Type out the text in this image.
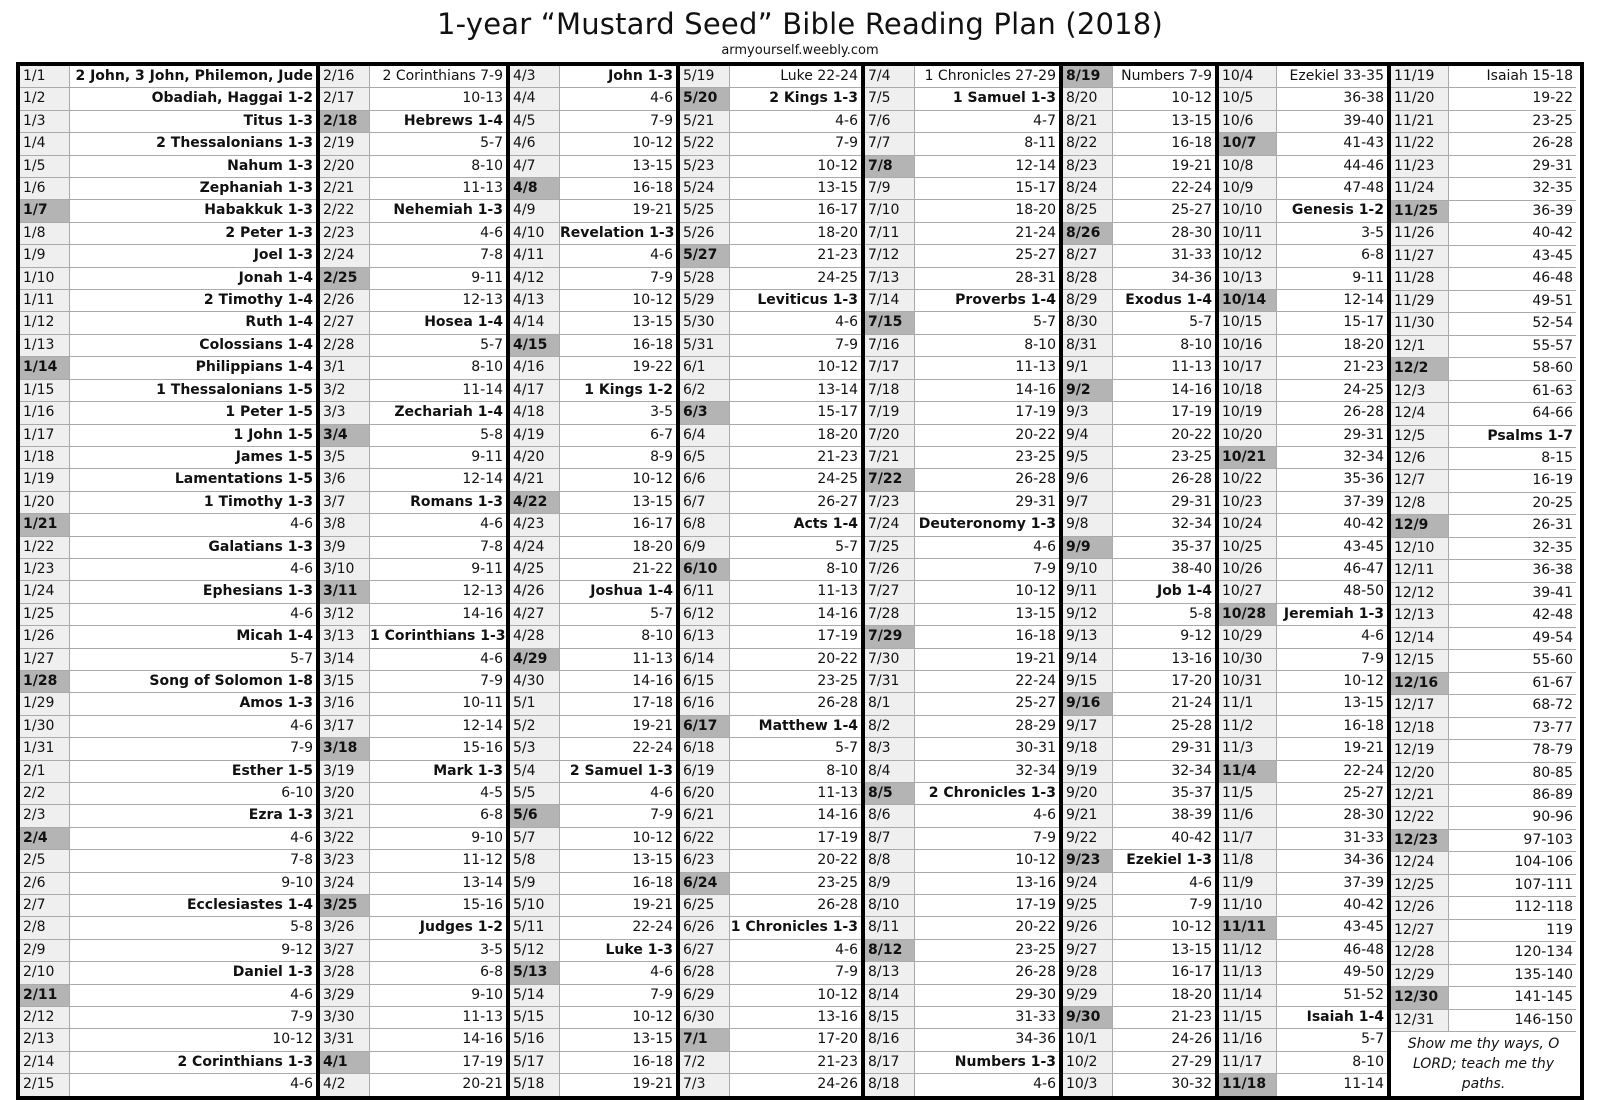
1-year “Mustard Seed” Bible Reading Plan (2018)
armyourself.weebly.com
1/1	2 John, 3 John, Philemon, Jude
1/2	Obadiah, Haggai 1-2
1/3	Titus 1-3
1/4	2 Thessalonians 1-3
1/5	Nahum 1-3
1/6	Zephaniah 1-3
1/7	Habakkuk 1-3
1/8	2 Peter 1-3
1/9	Joel 1-3
1/10	Jonah 1-4
1/11	2 Timothy 1-4
1/12	Ruth 1-4
1/13	Colossians 1-4
1/14	Philippians 1-4
1/15	1 Thessalonians 1-5
1/16	1 Peter 1-5
1/17	1 John 1-5
1/18	James 1-5
1/19	Lamentations 1-5
1/20	1 Timothy 1-3
1/21	4-6
1/22	Galatians 1-3
1/23	4-6
1/24	Ephesians 1-3
1/25	4-6
1/26	Micah 1-4
1/27	5-7
1/28	Song of Solomon 1-8
1/29	Amos 1-3
1/30	4-6
1/31	7-9
2/1	Esther 1-5
2/2	6-10
2/3	Ezra 1-3
2/4	4-6
2/5	7-8
2/6	9-10
2/7	Ecclesiastes 1-4
2/8	5-8
2/9	9-12
2/10	Daniel 1-3
2/11	4-6
2/12	7-9
2/13	10-12
2/14	2 Corinthians 1-3
2/15	4-6
2/16	2 Corinthians 7-9
2/17	10-13
2/18	Hebrews 1-4
2/19	5-7
2/20	8-10
2/21	11-13
2/22	Nehemiah 1-3
2/23	4-6
2/24	7-8
2/25	9-11
2/26	12-13
2/27	Hosea 1-4
2/28	5-7
3/1	8-10
3/2	11-14
3/3	Zechariah 1-4
3/4	5-8
3/5	9-11
3/6	12-14
3/7	Romans 1-3
3/8	4-6
3/9	7-8
3/10	9-11
3/11	12-13
3/12	14-16
3/13	1 Corinthians 1-3
3/14	4-6
3/15	7-9
3/16	10-11
3/17	12-14
3/18	15-16
3/19	Mark 1-3
3/20	4-5
3/21	6-8
3/22	9-10
3/23	11-12
3/24	13-14
3/25	15-16
3/26	Judges 1-2
3/27	3-5
3/28	6-8
3/29	9-10
3/30	11-13
3/31	14-16
4/1	17-19
4/2	20-21
4/3	John 1-3
4/4	4-6
4/5	7-9
4/6	10-12
4/7	13-15
4/8	16-18
4/9	19-21
4/10	Revelation 1-3
4/11	4-6
4/12	7-9
4/13	10-12
4/14	13-15
4/15	16-18
4/16	19-22
4/17	1 Kings 1-2
4/18	3-5
4/19	6-7
4/20	8-9
4/21	10-12
4/22	13-15
4/23	16-17
4/24	18-20
4/25	21-22
4/26	Joshua 1-4
4/27	5-7
4/28	8-10
4/29	11-13
4/30	14-16
5/1	17-18
5/2	19-21
5/3	22-24
5/4	2 Samuel 1-3
5/5	4-6
5/6	7-9
5/7	10-12
5/8	13-15
5/9	16-18
5/10	19-21
5/11	22-24
5/12	Luke 1-3
5/13	4-6
5/14	7-9
5/15	10-12
5/16	13-15
5/17	16-18
5/18	19-21
5/19	Luke 22-24
5/20	2 Kings 1-3
5/21	4-6
5/22	7-9
5/23	10-12
5/24	13-15
5/25	16-17
5/26	18-20
5/27	21-23
5/28	24-25
5/29	Leviticus 1-3
5/30	4-6
5/31	7-9
6/1	10-12
6/2	13-14
6/3	15-17
6/4	18-20
6/5	21-23
6/6	24-25
6/7	26-27
6/8	Acts 1-4
6/9	5-7
6/10	8-10
6/11	11-13
6/12	14-16
6/13	17-19
6/14	20-22
6/15	23-25
6/16	26-28
6/17	Matthew 1-4
6/18	5-7
6/19	8-10
6/20	11-13
6/21	14-16
6/22	17-19
6/23	20-22
6/24	23-25
6/25	26-28
6/26	1 Chronicles 1-3
6/27	4-6
6/28	7-9
6/29	10-12
6/30	13-16
7/1	17-20
7/2	21-23
7/3	24-26
7/4	1 Chronicles 27-29
7/5	1 Samuel 1-3
7/6	4-7
7/7	8-11
7/8	12-14
7/9	15-17
7/10	18-20
7/11	21-24
7/12	25-27
7/13	28-31
7/14	Proverbs 1-4
7/15	5-7
7/16	8-10
7/17	11-13
7/18	14-16
7/19	17-19
7/20	20-22
7/21	23-25
7/22	26-28
7/23	29-31
7/24	Deuteronomy 1-3
7/25	4-6
7/26	7-9
7/27	10-12
7/28	13-15
7/29	16-18
7/30	19-21
7/31	22-24
8/1	25-27
8/2	28-29
8/3	30-31
8/4	32-34
8/5	2 Chronicles 1-3
8/6	4-6
8/7	7-9
8/8	10-12
8/9	13-16
8/10	17-19
8/11	20-22
8/12	23-25
8/13	26-28
8/14	29-30
8/15	31-33
8/16	34-36
8/17	Numbers 1-3
8/18	4-6
8/19	Numbers 7-9
8/20	10-12
8/21	13-15
8/22	16-18
8/23	19-21
8/24	22-24
8/25	25-27
8/26	28-30
8/27	31-33
8/28	34-36
8/29	Exodus 1-4
8/30	5-7
8/31	8-10
9/1	11-13
9/2	14-16
9/3	17-19
9/4	20-22
9/5	23-25
9/6	26-28
9/7	29-31
9/8	32-34
9/9	35-37
9/10	38-40
9/11	Job 1-4
9/12	5-8
9/13	9-12
9/14	13-16
9/15	17-20
9/16	21-24
9/17	25-28
9/18	29-31
9/19	32-34
9/20	35-37
9/21	38-39
9/22	40-42
9/23	Ezekiel 1-3
9/24	4-6
9/25	7-9
9/26	10-12
9/27	13-15
9/28	16-17
9/29	18-20
9/30	21-23
10/1	24-26
10/2	27-29
10/3	30-32
10/4	Ezekiel 33-35
10/5	36-38
10/6	39-40
10/7	41-43
10/8	44-46
10/9	47-48
10/10	Genesis 1-2
10/11	3-5
10/12	6-8
10/13	9-11
10/14	12-14
10/15	15-17
10/16	18-20
10/17	21-23
10/18	24-25
10/19	26-28
10/20	29-31
10/21	32-34
10/22	35-36
10/23	37-39
10/24	40-42
10/25	43-45
10/26	46-47
10/27	48-50
10/28	Jeremiah 1-3
10/29	4-6
10/30	7-9
10/31	10-12
11/1	13-15
11/2	16-18
11/3	19-21
11/4	22-24
11/5	25-27
11/6	28-30
11/7	31-33
11/8	34-36
11/9	37-39
11/10	40-42
11/11	43-45
11/12	46-48
11/13	49-50
11/14	51-52
11/15	Isaiah 1-4
11/16	5-7
11/17	8-10
11/18	11-14
11/19	Isaiah 15-18
11/20	19-22
11/21	23-25
11/22	26-28
11/23	29-31
11/24	32-35
11/25	36-39
11/26	40-42
11/27	43-45
11/28	46-48
11/29	49-51
11/30	52-54
12/1	55-57
12/2	58-60
12/3	61-63
12/4	64-66
12/5	Psalms 1-7
12/6	8-15
12/7	16-19
12/8	20-25
12/9	26-31
12/10	32-35
12/11	36-38
12/12	39-41
12/13	42-48
12/14	49-54
12/15	55-60
12/16	61-67
12/17	68-72
12/18	73-77
12/19	78-79
12/20	80-85
12/21	86-89
12/22	90-96
12/23	97-103
12/24	104-106
12/25	107-111
12/26	112-118
12/27	119
12/28	120-134
12/29	135-140
12/30	141-145
12/31	146-150
Show me thy ways, O LORD; teach me thy paths.
